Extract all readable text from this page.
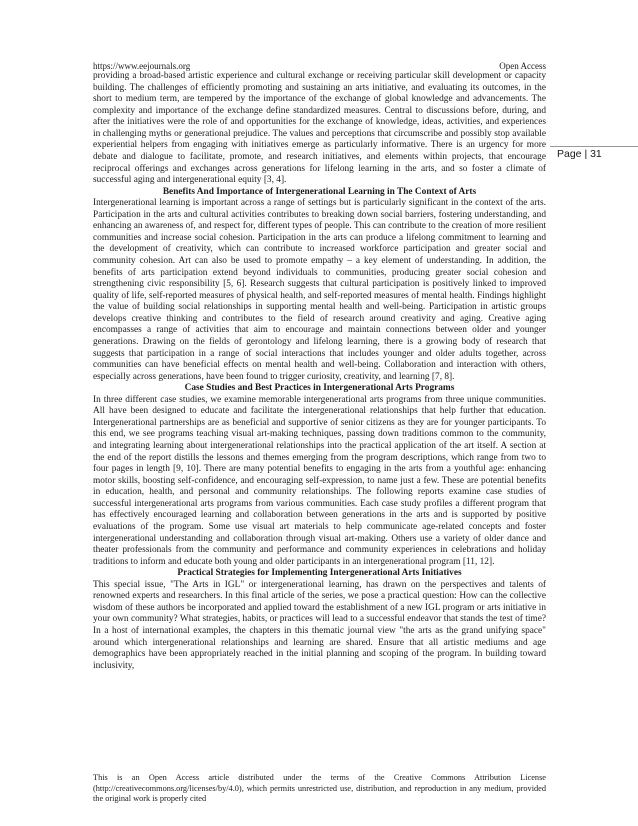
https://www.eejournals.org	Open Access
Page | 31

providing a broad-based artistic experience and cultural exchange or receiving particular skill development or capacity building. The challenges of efficiently promoting and sustaining an arts initiative, and evaluating its outcomes, in the short to medium term, are tempered by the importance of the exchange of global knowledge and advancements. The complexity and importance of the exchange define standardized measures. Central to discussions before, during, and after the initiatives were the role of and opportunities for the exchange of knowledge, ideas, activities, and experiences in challenging myths or generational prejudice. The values and perceptions that circumscribe and possibly stop available experiential helpers from engaging with initiatives emerge as particularly informative. There is an urgency for more debate and dialogue to facilitate, promote, and research initiatives, and elements within projects, that encourage reciprocal offerings and exchanges across generations for lifelong learning in the arts, and so foster a climate of successful aging and intergenerational equity [3, 4].

Benefits And Importance of Intergenerational Learning in The Context of Arts

Intergenerational learning is important across a range of settings but is particularly significant in the context of the arts. Participation in the arts and cultural activities contributes to breaking down social barriers, fostering understanding, and enhancing an awareness of, and respect for, different types of people. This can contribute to the creation of more resilient communities and increase social cohesion. Participation in the arts can produce a lifelong commitment to learning and the development of creativity, which can contribute to increased workforce participation and greater social and community cohesion. Art can also be used to promote empathy – a key element of understanding. In addition, the benefits of arts participation extend beyond individuals to communities, producing greater social cohesion and strengthening civic responsibility [5, 6]. Research suggests that cultural participation is positively linked to improved quality of life, self-reported measures of physical health, and self-reported measures of mental health. Findings highlight the value of building social relationships in supporting mental health and well-being. Participation in artistic groups develops creative thinking and contributes to the field of research around creativity and aging. Creative aging encompasses a range of activities that aim to encourage and maintain connections between older and younger generations. Drawing on the fields of gerontology and lifelong learning, there is a growing body of research that suggests that participation in a range of social interactions that includes younger and older adults together, across communities can have beneficial effects on mental health and well-being. Collaboration and interaction with others, especially across generations, have been found to trigger curiosity, creativity, and learning [7, 8].

Case Studies and Best Practices in Intergenerational Arts Programs

In three different case studies, we examine memorable intergenerational arts programs from three unique communities. All have been designed to educate and facilitate the intergenerational relationships that help further that education. Intergenerational partnerships are as beneficial and supportive of senior citizens as they are for younger participants. To this end, we see programs teaching visual art-making techniques, passing down traditions common to the community, and integrating learning about intergenerational relationships into the practical application of the art itself. A section at the end of the report distills the lessons and themes emerging from the program descriptions, which range from two to four pages in length [9, 10]. There are many potential benefits to engaging in the arts from a youthful age: enhancing motor skills, boosting self-confidence, and encouraging self-expression, to name just a few. These are potential benefits in education, health, and personal and community relationships. The following reports examine case studies of successful intergenerational arts programs from various communities. Each case study profiles a different program that has effectively encouraged learning and collaboration between generations in the arts and is supported by positive evaluations of the program. Some use visual art materials to help communicate age-related concepts and foster intergenerational understanding and collaboration through visual art-making. Others use a variety of older dance and theater professionals from the community and performance and community experiences in celebrations and holiday traditions to inform and educate both young and older participants in an intergenerational program [11, 12].

Practical Strategies for Implementing Intergenerational Arts Initiatives

This special issue, "The Arts in IGL" or intergenerational learning, has drawn on the perspectives and talents of renowned experts and researchers. In this final article of the series, we pose a practical question: How can the collective wisdom of these authors be incorporated and applied toward the establishment of a new IGL program or arts initiative in your own community? What strategies, habits, or practices will lead to a successful endeavor that stands the test of time? In a host of international examples, the chapters in this thematic journal view "the arts as the grand unifying space" around which intergenerational relationships and learning are shared. Ensure that all artistic mediums and age demographics have been appropriately reached in the initial planning and scoping of the program. In building toward inclusivity,

This is an Open Access article distributed under the terms of the Creative Commons Attribution License (http://creativecommons.org/licenses/by/4.0), which permits unrestricted use, distribution, and reproduction in any medium, provided the original work is properly cited
